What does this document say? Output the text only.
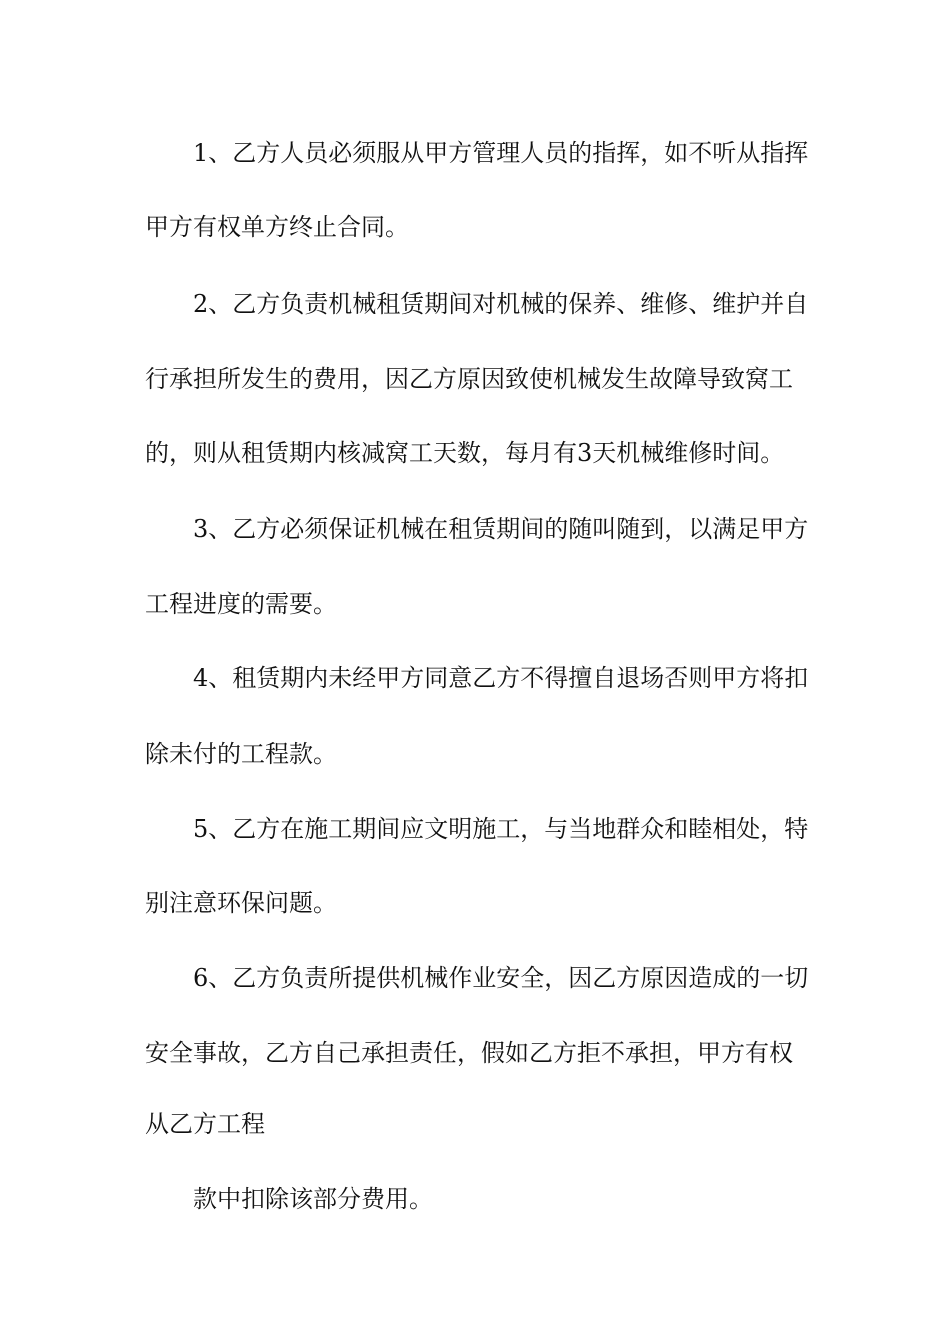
1、乙方人员必须服从甲方管理人员的指挥，如不听从指挥
甲方有权单方终止合同。
2、乙方负责机械租赁期间对机械的保养、维修、维护并自
行承担所发生的费用，因乙方原因致使机械发生故障导致窝工
的，则从租赁期内核减窝工天数，每月有3天机械维修时间。
3、乙方必须保证机械在租赁期间的随叫随到，以满足甲方
工程进度的需要。
4、租赁期内未经甲方同意乙方不得擅自退场否则甲方将扣
除未付的工程款。
5、乙方在施工期间应文明施工，与当地群众和睦相处，特
别注意环保问题。
6、乙方负责所提供机械作业安全，因乙方原因造成的一切
安全事故，乙方自己承担责任，假如乙方拒不承担，甲方有权
从乙方工程
款中扣除该部分费用。
